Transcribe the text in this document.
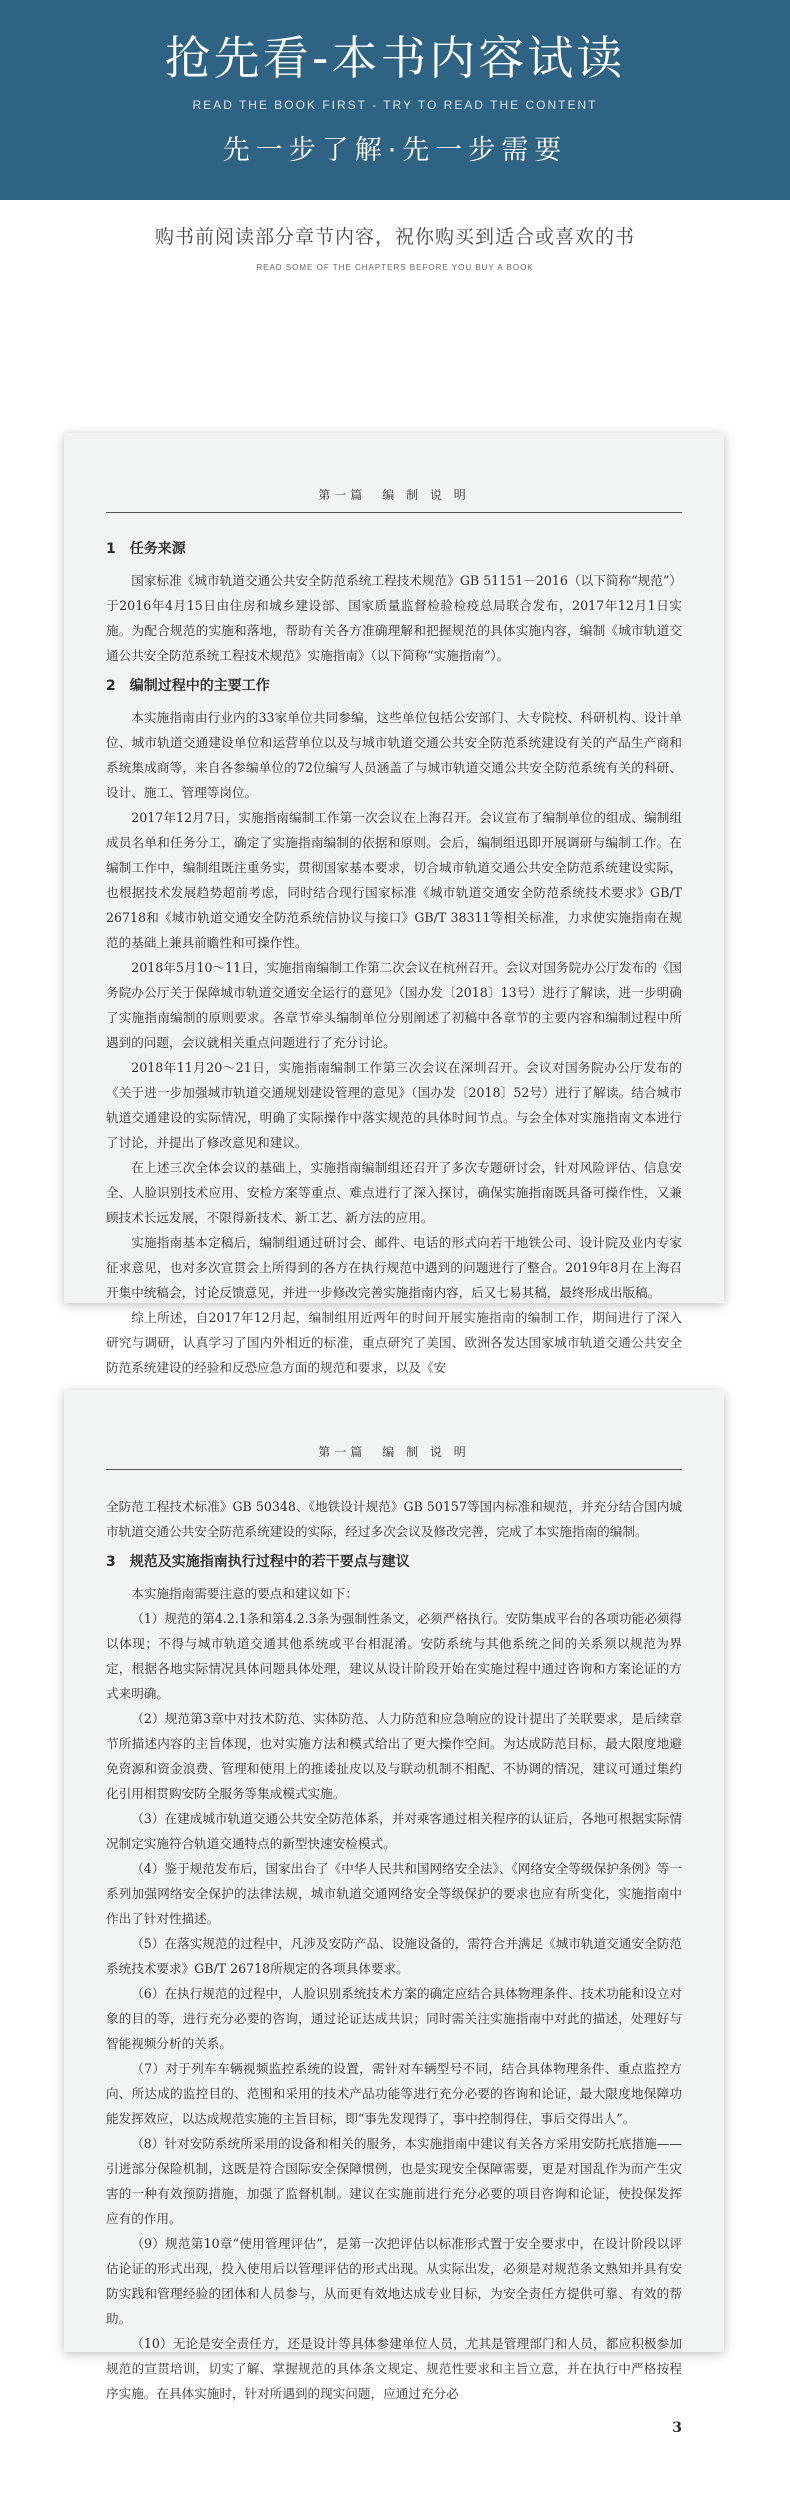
抢先看-本书内容试读
READ THE BOOK FIRST - TRY TO READ THE CONTENT
先一步了解·先一步需要
购书前阅读部分章节内容，祝你购买到适合或喜欢的书
READ SOME OF THE CHAPTERS BEFORE YOU BUY A BOOK
第一篇　编 制 说 明
1　任务来源

国家标准《城市轨道交通公共安全防范系统工程技术规范》GB 51151－2016（以下简称“规范”）于2016年4月15日由住房和城乡建设部、国家质量监督检验检疫总局联合发布，2017年12月1日实施。为配合规范的实施和落地，帮助有关各方准确理解和把握规范的具体实施内容，编制《城市轨道交通公共安全防范系统工程技术规范》实施指南》（以下简称“实施指南”）。

2　编制过程中的主要工作

本实施指南由行业内的33家单位共同参编，这些单位包括公安部门、大专院校、科研机构、设计单位、城市轨道交通建设单位和运营单位以及与城市轨道交通公共安全防范系统建设有关的产品生产商和系统集成商等，来自各参编单位的72位编写人员涵盖了与城市轨道交通公共安全防范系统有关的科研、设计、施工、管理等岗位。

2017年12月7日，实施指南编制工作第一次会议在上海召开。会议宣布了编制单位的组成、编制组成员名单和任务分工，确定了实施指南编制的依据和原则。会后，编制组迅即开展调研与编制工作。在编制工作中，编制组既注重务实，贯彻国家基本要求，切合城市轨道交通公共安全防范系统建设实际，也根据技术发展趋势超前考虑，同时结合现行国家标准《城市轨道交通安全防范系统技术要求》GB/T 26718和《城市轨道交通安全防范系统信协议与接口》GB/T 38311等相关标准，力求使实施指南在规范的基础上兼具前瞻性和可操作性。

2018年5月10～11日，实施指南编制工作第二次会议在杭州召开。会议对国务院办公厅发布的《国务院办公厅关于保障城市轨道交通安全运行的意见》（国办发〔2018〕13号）进行了解读，进一步明确了实施指南编制的原则要求。各章节牵头编制单位分别阐述了初稿中各章节的主要内容和编制过程中所遇到的问题，会议就相关重点问题进行了充分讨论。

2018年11月20～21日，实施指南编制工作第三次会议在深圳召开。会议对国务院办公厅发布的《关于进一步加强城市轨道交通规划建设管理的意见》（国办发〔2018〕52号）进行了解读。结合城市轨道交通建设的实际情况，明确了实际操作中落实规范的具体时间节点。与会全体对实施指南文本进行了讨论，并提出了修改意见和建议。

在上述三次全体会议的基础上，实施指南编制组还召开了多次专题研讨会，针对风险评估、信息安全、人脸识别技术应用、安检方案等重点、难点进行了深入探讨，确保实施指南既具备可操作性，又兼顾技术长远发展，不限得新技术、新工艺、新方法的应用。

实施指南基本定稿后，编制组通过研讨会、邮件、电话的形式向若干地铁公司、设计院及业内专家征求意见，也对多次宣贯会上所得到的各方在执行规范中遇到的问题进行了整合。2019年8月在上海召开集中统稿会，讨论反馈意见，并进一步修改完善实施指南内容，后又七易其稿，最终形成出版稿。

综上所述，自2017年12月起，编制组用近两年的时间开展实施指南的编制工作，期间进行了深入研究与调研，认真学习了国内外相近的标准，重点研究了美国、欧洲各发达国家城市轨道交通公共安全防范系统建设的经验和反恐应急方面的规范和要求，以及《安

第一篇　编 制 说 明

全防范工程技术标准》GB 50348、《地铁设计规范》GB 50157等国内标准和规范，并充分结合国内城市轨道交通公共安全防范系统建设的实际，经过多次会议及修改完善，完成了本实施指南的编制。

3　规范及实施指南执行过程中的若干要点与建议

本实施指南需要注意的要点和建议如下：

（1）规范的第4.2.1条和第4.2.3条为强制性条文，必须严格执行。安防集成平台的各项功能必须得以体现；不得与城市轨道交通其他系统或平台相混淆。安防系统与其他系统之间的关系须以规范为界定，根据各地实际情况具体问题具体处理，建议从设计阶段开始在实施过程中通过咨询和方案论证的方式来明确。

（2）规范第3章中对技术防范、实体防范、人力防范和应急响应的设计提出了关联要求，是后续章节所描述内容的主旨体现，也对实施方法和模式给出了更大操作空间。为达成防范目标，最大限度地避免资源和资金浪费、管理和使用上的推诿扯皮以及与联动机制不相配、不协调的情况，建议可通过集约化引用相贯购安防全服务等集成模式实施。

（3）在建成城市轨道交通公共安全防范体系，并对乘客通过相关程序的认证后，各地可根据实际情况制定实施符合轨道交通特点的新型快速安检模式。

（4）鉴于规范发布后，国家出台了《中华人民共和国网络安全法》、《网络安全等级保护条例》等一系列加强网络安全保护的法律法规，城市轨道交通网络安全等级保护的要求也应有所变化，实施指南中作出了针对性描述。

（5）在落实规范的过程中，凡涉及安防产品、设施设备的，需符合并满足《城市轨道交通安全防范系统技术要求》GB/T 26718所规定的各项具体要求。

（6）在执行规范的过程中，人脸识别系统技术方案的确定应结合具体物理条件、技术功能和设立对象的目的等，进行充分必要的咨询，通过论证达成共识；同时需关注实施指南中对此的描述，处理好与智能视频分析的关系。

（7）对于列车车辆视频监控系统的设置，需针对车辆型号不同，结合具体物理条件、重点监控方向、所达成的监控目的、范围和采用的技术产品功能等进行充分必要的咨询和论证，最大限度地保障功能发挥效应，以达成规范实施的主旨目标，即“事先发现得了，事中控制得住，事后交得出人”。

（8）针对安防系统所采用的设备和相关的服务，本实施指南中建议有关各方采用安防托底措施——引进部分保险机制，这既是符合国际安全保障惯例，也是实现安全保障需要，更是对国乱作为而产生灾害的一种有效预防措施，加强了监督机制。建议在实施前进行充分必要的项目咨询和论证，使投保发挥应有的作用。

（9）规范第10章“使用管理评估”，是第一次把评估以标准形式置于安全要求中，在设计阶段以评估论证的形式出现，投入使用后以管理评估的形式出现。从实际出发，必须是对规范条文熟知并具有安防实践和管理经验的团体和人员参与，从而更有效地达成专业目标，为安全责任方提供可靠、有效的帮助。

（10）无论是安全责任方，还是设计等具体参建单位人员，尤其是管理部门和人员，都应积极参加规范的宣贯培训，切实了解、掌握规范的具体条文规定、规范性要求和主旨立意，并在执行中严格按程序实施。在具体实施时，针对所遇到的现实问题，应通过充分必

3
